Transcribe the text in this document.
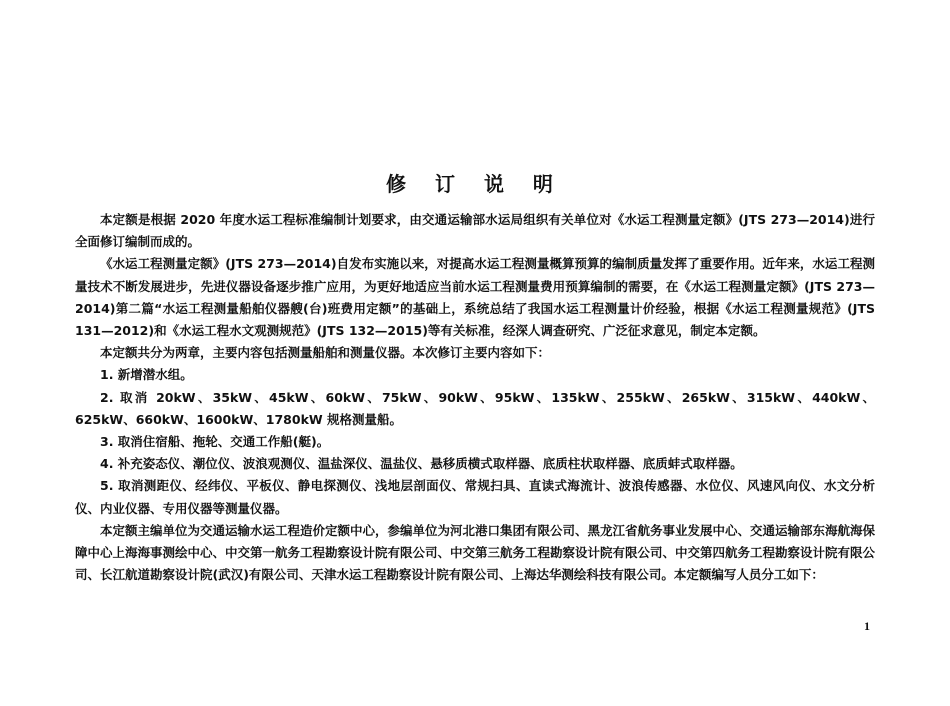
修 订 说 明

本定额是根据 2020 年度水运工程标准编制计划要求，由交通运输部水运局组织有关单位对《水运工程测量定额》(JTS 273—2014)进行全面修订编制而成的。

《水运工程测量定额》(JTS 273—2014)自发布实施以来，对提高水运工程测量概算预算的编制质量发挥了重要作用。近年来，水运工程测量技术不断发展进步，先进仪器设备逐步推广应用，为更好地适应当前水运工程测量费用预算编制的需要，在《水运工程测量定额》(JTS 273—2014)第二篇“水运工程测量船舶仪器艘(台)班费用定额”的基础上，系统总结了我国水运工程测量计价经验，根据《水运工程测量规范》(JTS 131—2012)和《水运工程水文观测规范》(JTS 132—2015)等有关标准，经深人调查研究、广泛征求意见，制定本定额。

本定额共分为两章，主要内容包括测量船舶和测量仪器。本次修订主要内容如下：

1. 新增潜水组。

2. 取消 20kW、35kW、45kW、60kW、75kW、90kW、95kW、135kW、255kW、265kW、315kW、440kW、625kW、660kW、1600kW、1780kW 规格测量船。

3. 取消住宿船、拖轮、交通工作船(艇)。

4. 补充姿态仪、潮位仪、波浪观测仪、温盐深仪、温盐仪、悬移质横式取样器、底质柱状取样器、底质蚌式取样器。

5. 取消测距仪、经纬仪、平板仪、静电探测仪、浅地层剖面仪、常规扫具、直读式海流计、波浪传感器、水位仪、风速风向仪、水文分析仪、内业仪器、专用仪器等测量仪器。

本定额主编单位为交通运输水运工程造价定额中心，参编单位为河北港口集团有限公司、黑龙江省航务事业发展中心、交通运输部东海航海保障中心上海海事测绘中心、中交第一航务工程勘察设计院有限公司、中交第三航务工程勘察设计院有限公司、中交第四航务工程勘察设计院有限公司、长江航道勘察设计院(武汉)有限公司、天津水运工程勘察设计院有限公司、上海达华测绘科技有限公司。本定额编写人员分工如下：

1
